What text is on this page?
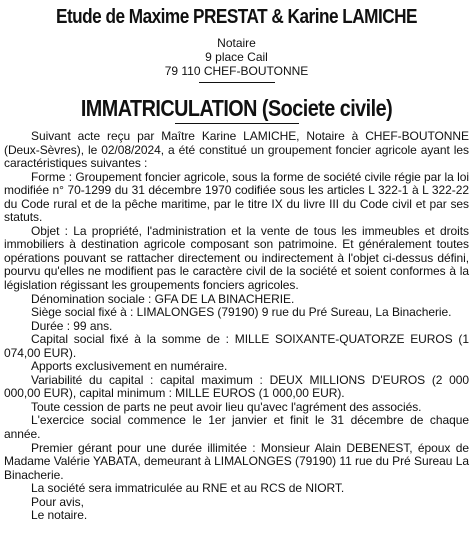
Etude de Maxime PRESTAT & Karine LAMICHE
Notaire
9 place Cail
79 110 CHEF-BOUTONNE
IMMATRICULATION (Societe civile)

Suivant acte reçu par Maître Karine LAMICHE, Notaire à CHEF-BOUTONNE (Deux-Sèvres), le 02/08/2024, a été constitué un groupement foncier agricole ayant les caractéristiques suivantes :

Forme : Groupement foncier agricole, sous la forme de société civile régie par la loi modifiée n° 70-1299 du 31 décembre 1970 codifiée sous les articles L 322-1 à L 322-22 du Code rural et de la pêche maritime, par le titre IX du livre III du Code civil et par ses statuts.

Objet : La propriété, l'administration et la vente de tous les immeubles et droits immobiliers à destination agricole composant son patrimoine. Et généralement toutes opérations pouvant se rattacher directement ou indirectement à l'objet ci-dessus défini, pourvu qu'elles ne modifient pas le caractère civil de la société et soient conformes à la législation régissant les groupements fonciers agricoles.

Dénomination sociale : GFA DE LA BINACHERIE.

Siège social fixé à : LIMALONGES (79190) 9 rue du Pré Sureau, La Binacherie.

Durée : 99 ans.

Capital social fixé à la somme de : MILLE SOIXANTE-QUATORZE EUROS (1 074,00 EUR).

Apports exclusivement en numéraire.

Variabilité du capital : capital maximum : DEUX MILLIONS D'EUROS (2 000 000,00 EUR), capital minimum : MILLE EUROS (1 000,00 EUR).

Toute cession de parts ne peut avoir lieu qu'avec l'agrément des associés.

L'exercice social commence le 1er janvier et finit le 31 décembre de chaque année.

Premier gérant pour une durée illimitée : Monsieur Alain DEBENEST, époux de Madame Valérie YABATA, demeurant à LIMALONGES (79190) 11 rue du Pré Sureau La Binacherie.

La société sera immatriculée au RNE et au RCS de NIORT.

Pour avis,

Le notaire.
